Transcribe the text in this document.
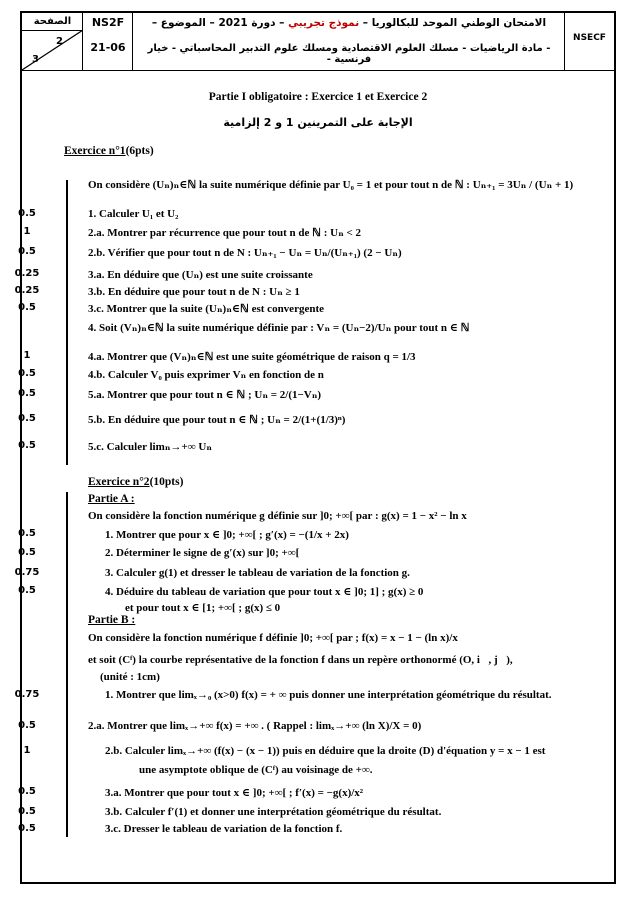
الصفحة
2
3
NS2F
21-06
الامتحان الوطني الموحد للبكالوريا – نموذج تجريبي – دورة 2021 – الموضوع –
- مادة الرياضيات - مسلك العلوم الاقتصادية ومسلك علوم التدبير المحاسباتي - خيار فرنسية -
NSECF
Partie I obligatoire : Exercice 1 et Exercice 2
الإجابة على التمرينين 1 و 2 إلزامية
Exercice n°1(6pts)
On considère (Uₙ)ₙ∈ℕ la suite numérique définie par U₀ = 1 et pour tout n de ℕ : Uₙ₊₁ = 3Uₙ / (Uₙ + 1)
0.5	1. Calculer U₁ et U₂
1	2.a. Montrer par récurrence que pour tout n de ℕ : Uₙ < 2
0.5	2.b. Vérifier que pour tout n de N : Uₙ₊₁ − Uₙ = Uₙ/(Uₙ₊₁) (2 − Uₙ)
0.25	3.a. En déduire que (Uₙ) est une suite croissante
0.25	3.b. En déduire que pour tout n de N : Uₙ ≥ 1
0.5	3.c. Montrer que la suite (Uₙ)ₙ∈ℕ est convergente
4. Soit (Vₙ)ₙ∈ℕ la suite numérique définie par : Vₙ = (Uₙ−2)/Uₙ pour tout n ∈ ℕ
1	4.a. Montrer que (Vₙ)ₙ∈ℕ est une suite géométrique de raison q = 1/3
0.5	4.b. Calculer V₀ puis exprimer Vₙ en fonction de n
0.5	5.a. Montrer que pour tout n ∈ ℕ ; Uₙ = 2/(1−Vₙ)
0.5	5.b. En déduire que pour tout n ∈ ℕ ; Uₙ = 2/(1+(1/3)ⁿ)
0.5	5.c. Calculer limₙ→+∞ Uₙ
Exercice n°2(10pts)
Partie A :
On considère la fonction numérique g définie sur ]0; +∞[ par : g(x) = 1 − x² − ln x
0.5	1. Montrer que pour x ∈ ]0; +∞[ ; g′(x) = −(1/x + 2x)
0.5	2. Déterminer le signe de g′(x) sur ]0; +∞[
0.75	3. Calculer g(1) et dresser le tableau de variation de la fonction g.
0.5	4. Déduire du tableau de variation que pour tout x ∈ ]0; 1] ; g(x) ≥ 0
et pour tout x ∈ [1; +∞[ ; g(x) ≤ 0
Partie B :
On considère la fonction numérique f définie ]0; +∞[ par ; f(x) = x − 1 − (ln x)/x
et soit (Cᶠ) la courbe représentative de la fonction f dans un repère orthonormé (O, i⃗, j⃗),
(unité : 1cm)
0.75	1. Montrer que limₓ→₀ (x>0) f(x) = + ∞ puis donner une interprétation géométrique du résultat.
0.5	2.a. Montrer que limₓ→+∞ f(x) = +∞ . ( Rappel : limₓ→+∞ (ln X)/X = 0)
1	2.b. Calculer limₓ→+∞ (f(x) − (x − 1)) puis en déduire que la droite (D) d'équation y = x − 1 est
une asymptote oblique de (Cᶠ) au voisinage de +∞.
0.5	3.a. Montrer que pour tout x ∈ ]0; +∞[ ; f′(x) = −g(x)/x²
0.5	3.b. Calculer f′(1) et donner une interprétation géométrique du résultat.
0.5	3.c. Dresser le tableau de variation de la fonction f.
